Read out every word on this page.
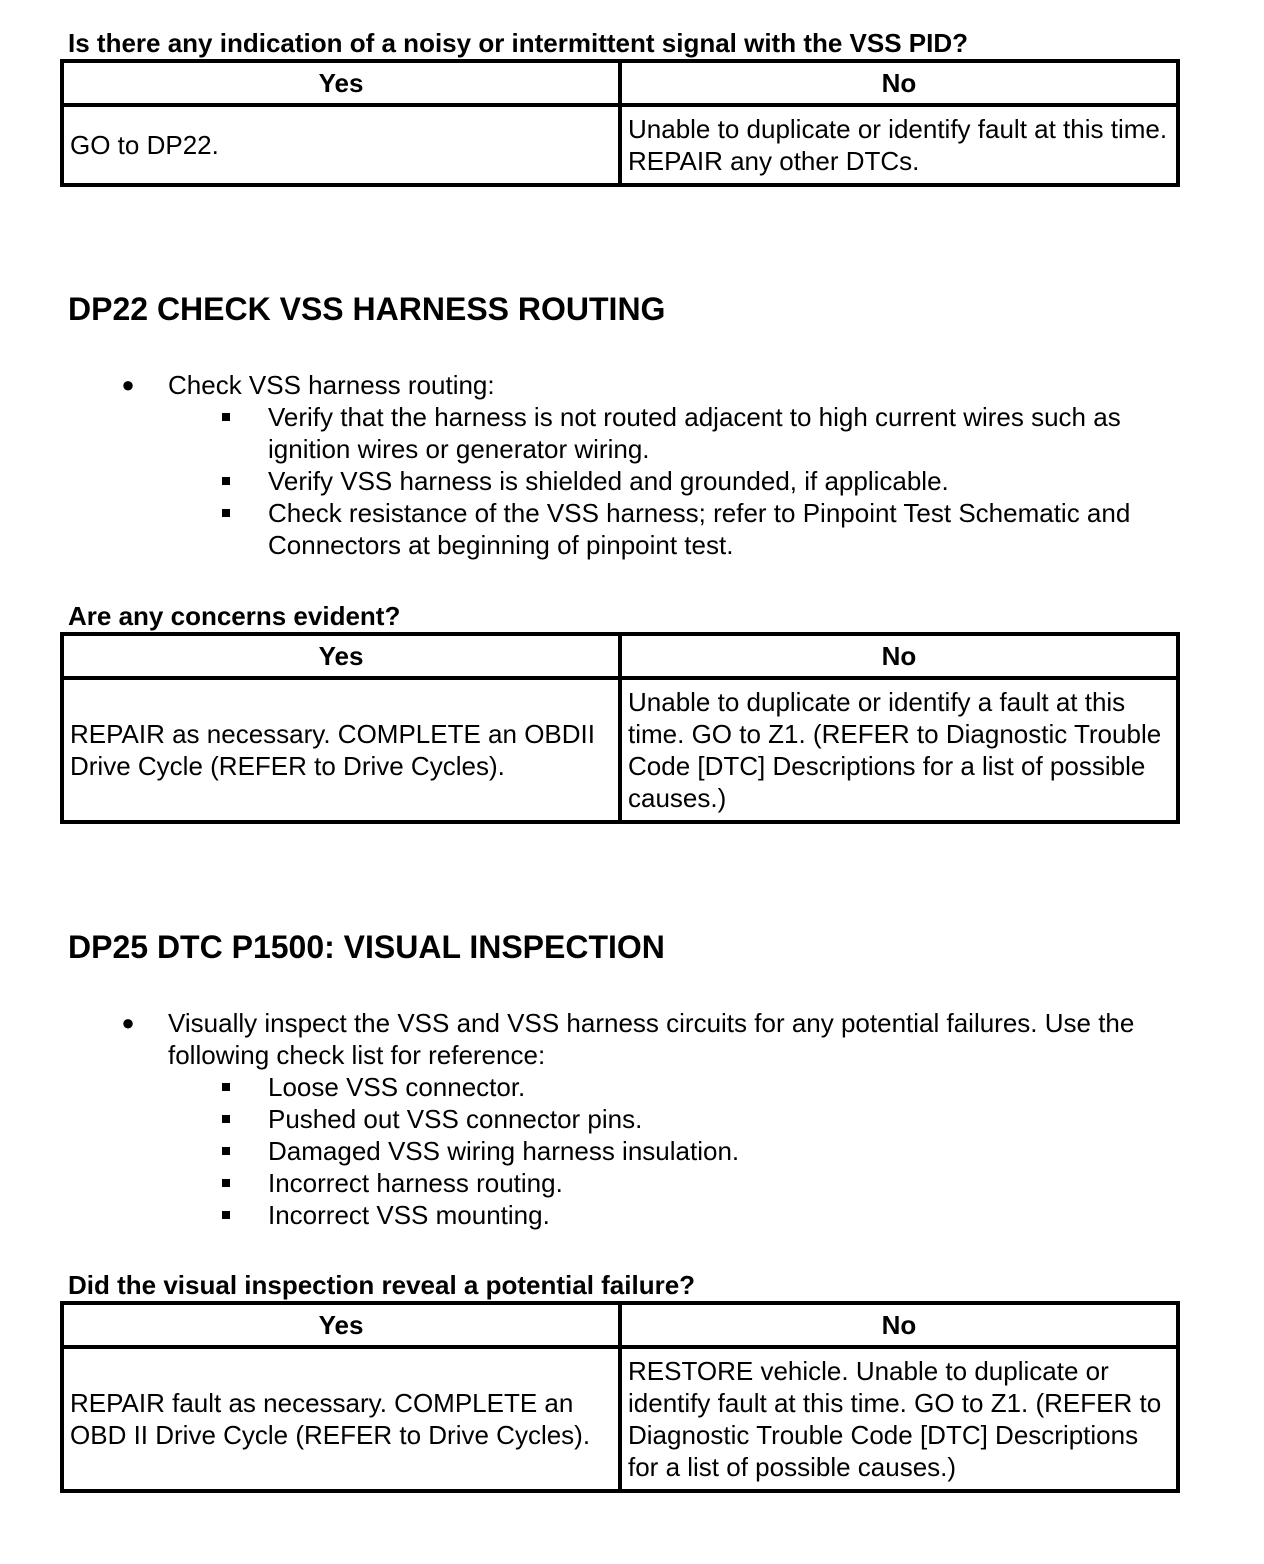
Is there any indication of a noisy or intermittent signal with the VSS PID?

Yes	No
GO to DP22.	Unable to duplicate or identify fault at this time. REPAIR any other DTCs.
DP22 CHECK VSS HARNESS ROUTING
● Check VSS harness routing:
Verify that the harness is not routed adjacent to high current wires such as ignition wires or generator wiring.
Verify VSS harness is shielded and grounded, if applicable.
Check resistance of the VSS harness; refer to Pinpoint Test Schematic and Connectors at beginning of pinpoint test.

Are any concerns evident?

Yes	No
REPAIR as necessary. COMPLETE an OBDII Drive Cycle (REFER to Drive Cycles).	Unable to duplicate or identify a fault at this time. GO to Z1. (REFER to Diagnostic Trouble Code [DTC] Descriptions for a list of possible causes.)
DP25 DTC P1500: VISUAL INSPECTION
● Visually inspect the VSS and VSS harness circuits for any potential failures. Use the following check list for reference:
Loose VSS connector.
Pushed out VSS connector pins.
Damaged VSS wiring harness insulation.
Incorrect harness routing.
Incorrect VSS mounting.

Did the visual inspection reveal a potential failure?

Yes	No
REPAIR fault as necessary. COMPLETE an OBD II Drive Cycle (REFER to Drive Cycles).	RESTORE vehicle. Unable to duplicate or identify fault at this time. GO to Z1. (REFER to Diagnostic Trouble Code [DTC] Descriptions for a list of possible causes.)
